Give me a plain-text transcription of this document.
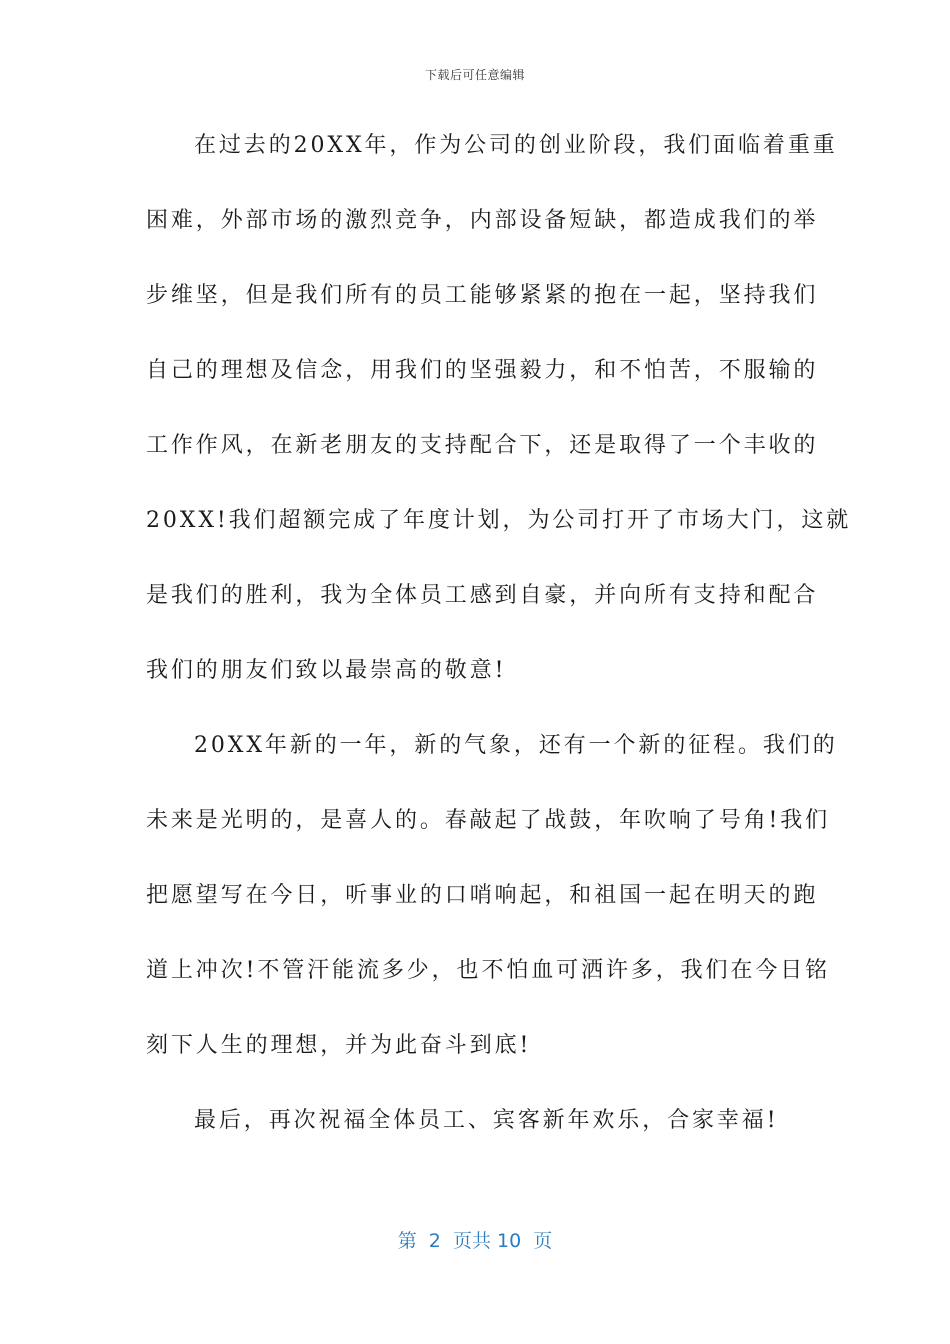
下载后可任意编辑
在过去的20XX年，作为公司的创业阶段，我们面临着重重
困难，外部市场的激烈竞争，内部设备短缺，都造成我们的举
步维坚，但是我们所有的员工能够紧紧的抱在一起，坚持我们
自己的理想及信念，用我们的坚强毅力，和不怕苦，不服输的
工作作风，在新老朋友的支持配合下，还是取得了一个丰收的
20XX!我们超额完成了年度计划，为公司打开了市场大门，这就
是我们的胜利，我为全体员工感到自豪，并向所有支持和配合
我们的朋友们致以最崇高的敬意!
20XX年新的一年，新的气象，还有一个新的征程。我们的
未来是光明的，是喜人的。春敲起了战鼓，年吹响了号角!我们
把愿望写在今日，听事业的口哨响起，和祖国一起在明天的跑
道上冲次!不管汗能流多少，也不怕血可洒许多，我们在今日铭
刻下人生的理想，并为此奋斗到底!
最后，再次祝福全体员工、宾客新年欢乐，合家幸福!
第  2  页共 10  页
